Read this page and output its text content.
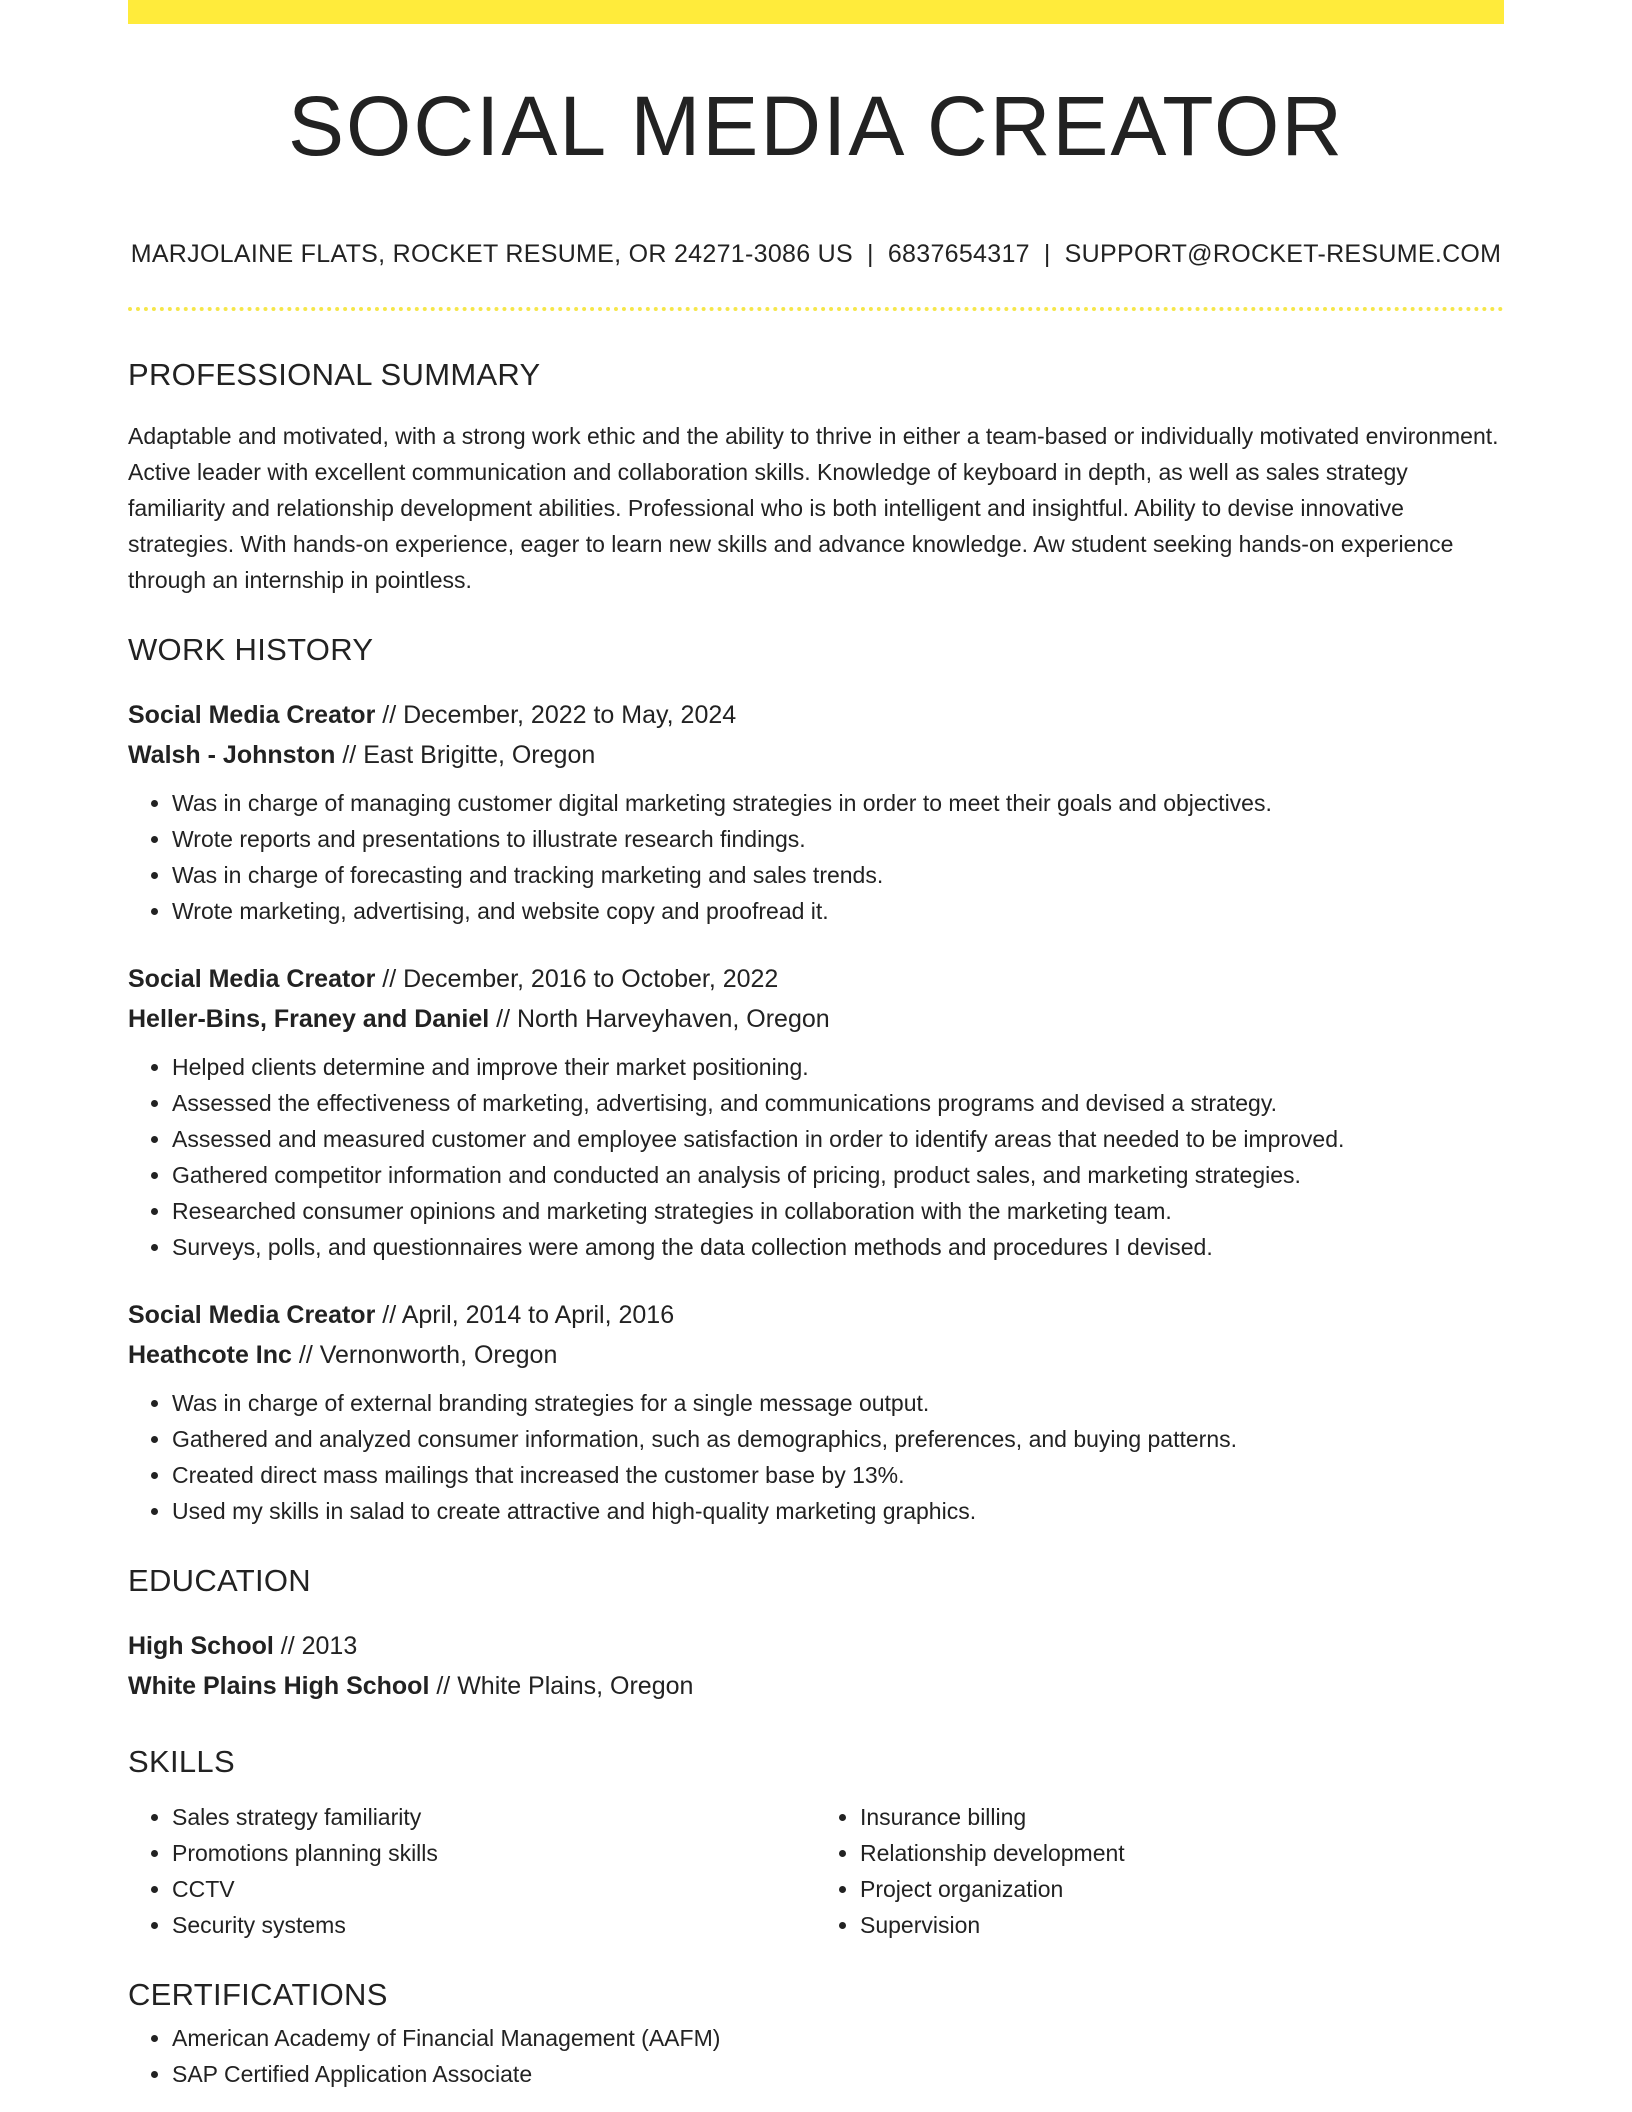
SOCIAL MEDIA CREATOR
MARJOLAINE FLATS, ROCKET RESUME, OR 24271-3086 US | 6837654317 | SUPPORT@ROCKET-RESUME.COM
PROFESSIONAL SUMMARY

Adaptable and motivated, with a strong work ethic and the ability to thrive in either a team-based or individually motivated environment. Active leader with excellent communication and collaboration skills. Knowledge of keyboard in depth, as well as sales strategy familiarity and relationship development abilities. Professional who is both intelligent and insightful. Ability to devise innovative strategies. With hands-on experience, eager to learn new skills and advance knowledge. Aw student seeking hands-on experience through an internship in pointless.

WORK HISTORY
Social Media Creator // December, 2022 to May, 2024
Walsh - Johnston // East Brigitte, Oregon
• Was in charge of managing customer digital marketing strategies in order to meet their goals and objectives.
• Wrote reports and presentations to illustrate research findings.
• Was in charge of forecasting and tracking marketing and sales trends.
• Wrote marketing, advertising, and website copy and proofread it.
Social Media Creator // December, 2016 to October, 2022
Heller-Bins, Franey and Daniel // North Harveyhaven, Oregon
• Helped clients determine and improve their market positioning.
• Assessed the effectiveness of marketing, advertising, and communications programs and devised a strategy.
• Assessed and measured customer and employee satisfaction in order to identify areas that needed to be improved.
• Gathered competitor information and conducted an analysis of pricing, product sales, and marketing strategies.
• Researched consumer opinions and marketing strategies in collaboration with the marketing team.
• Surveys, polls, and questionnaires were among the data collection methods and procedures I devised.
Social Media Creator // April, 2014 to April, 2016
Heathcote Inc // Vernonworth, Oregon
• Was in charge of external branding strategies for a single message output.
• Gathered and analyzed consumer information, such as demographics, preferences, and buying patterns.
• Created direct mass mailings that increased the customer base by 13%.
• Used my skills in salad to create attractive and high-quality marketing graphics.
EDUCATION
High School // 2013
White Plains High School // White Plains, Oregon
SKILLS
• Sales strategy familiarity
• Promotions planning skills
• CCTV
• Security systems
• Insurance billing
• Relationship development
• Project organization
• Supervision
CERTIFICATIONS
• American Academy of Financial Management (AAFM)
• SAP Certified Application Associate
